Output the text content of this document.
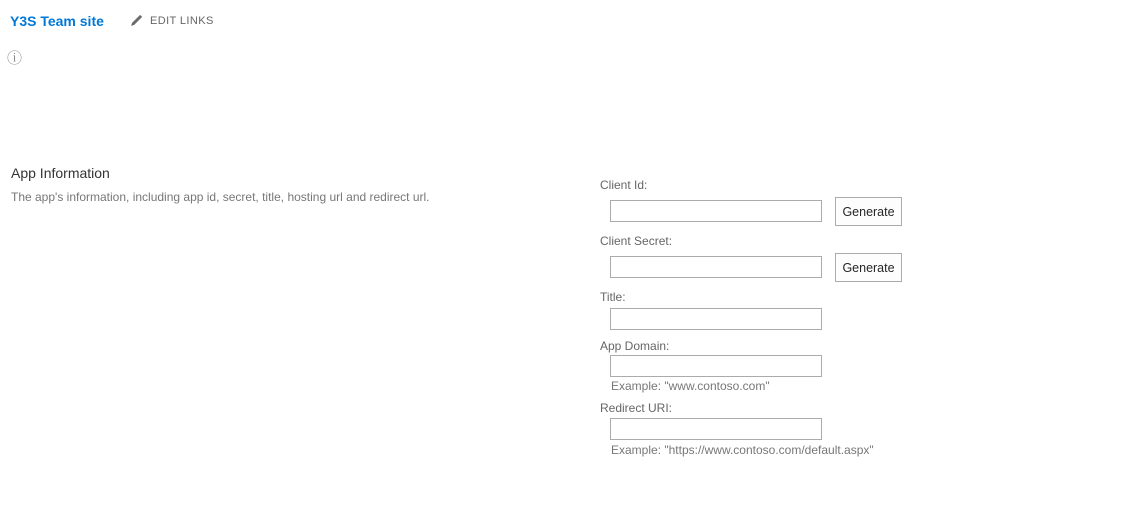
Y3S Team site	EDIT LINKS
ⓘ
App Information
The app's information, including app id, secret, title, hosting url and redirect url.
Client Id:
Generate
Client Secret:
Generate
Title:
App Domain:
Example: "www.contoso.com"
Redirect URI:
Example: "https://www.contoso.com/default.aspx"
